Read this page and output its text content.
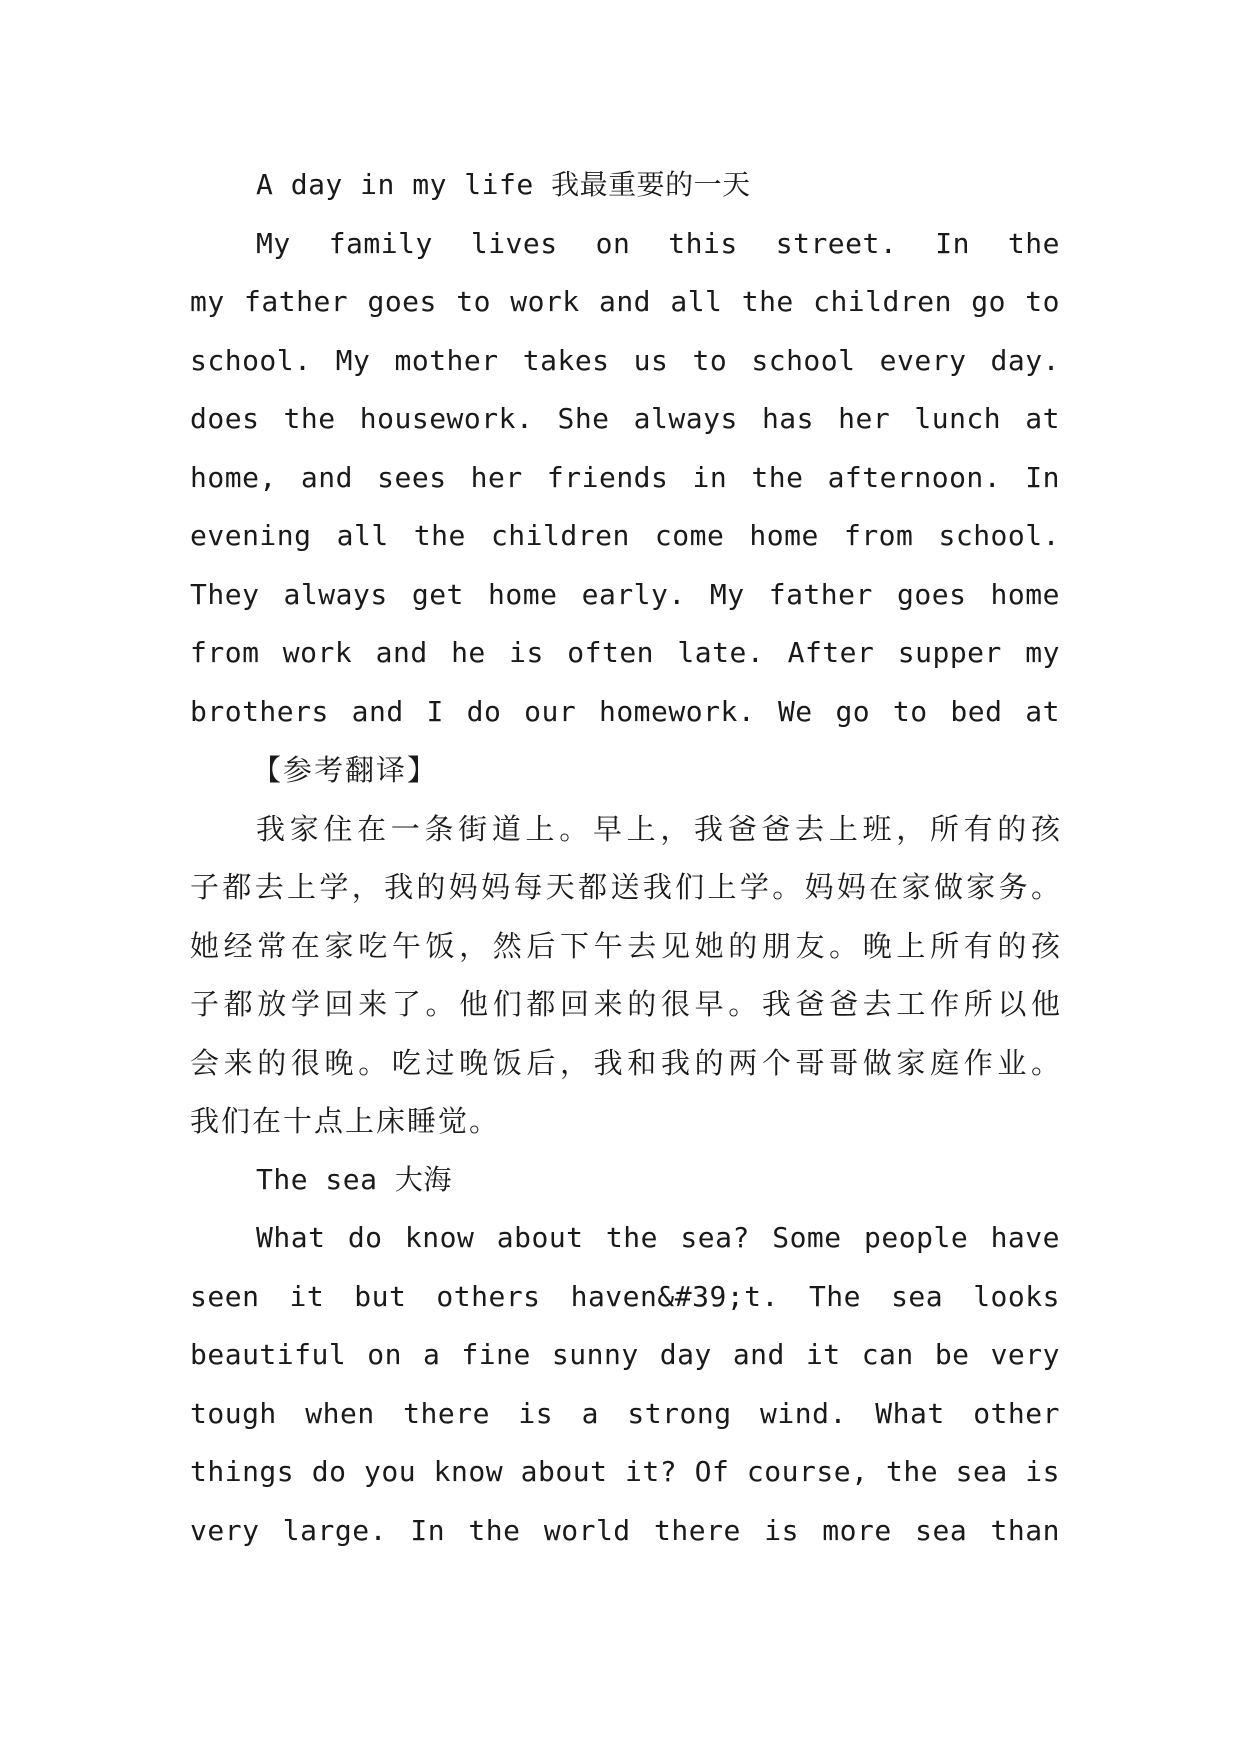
A day in my life 我最重要的一天
My family lives on this street. In the
my father goes to work and all the children go to
school. My mother takes us to school every day.
does the housework. She always has her lunch at
home, and sees her friends in the afternoon. In
evening all the children come home from school.
They always get home early. My father goes home
from work and he is often late. After supper my
brothers and I do our homework. We go to bed at
【参考翻译】
我家住在一条街道上。早上，我爸爸去上班，所有的孩
子都去上学，我的妈妈每天都送我们上学。妈妈在家做家务。
她经常在家吃午饭，然后下午去见她的朋友。晚上所有的孩
子都放学回来了。他们都回来的很早。我爸爸去工作所以他
会来的很晚。吃过晚饭后，我和我的两个哥哥做家庭作业。
我们在十点上床睡觉。
The sea 大海
What do know about the sea? Some people have
seen it but others haven&#39;t. The sea looks
beautiful on a fine sunny day and it can be very
tough when there is a strong wind. What other
things do you know about it? Of course, the sea is
very large. In the world there is more sea than
